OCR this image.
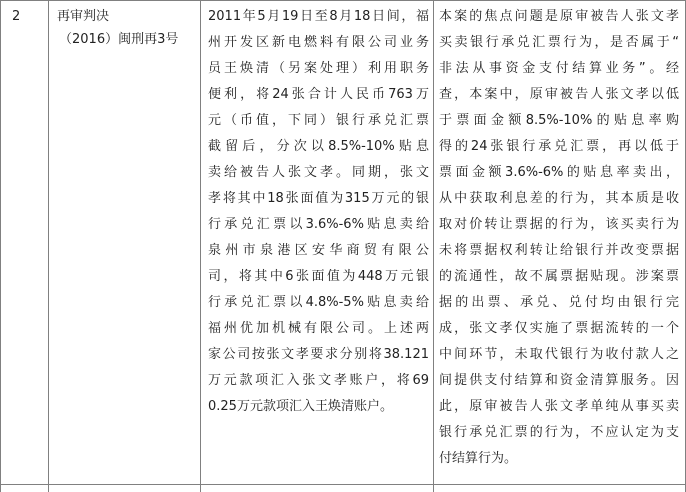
2	再审判决
（2016）闽刑再3号
2011年5月19日至8月18日间，福
州开发区新电燃料有限公司业务
员王焕清（另案处理）利用职务
便利，将24张合计人民币763万
元（币值，下同）银行承兑汇票
截留后，分次以8.5%-10%贴息
卖给被告人张文孝。同期，张文
孝将其中18张面值为315万元的银
行承兑汇票以3.6%-6%贴息卖给
泉州市泉港区安华商贸有限公
司，将其中6张面值为448万元银
行承兑汇票以4.8%-5%贴息卖给
福州优加机械有限公司。上述两
家公司按张文孝要求分别将38.121
万元款项汇入张文孝账户，将69
0.25万元款项汇入王焕清账户。
本案的焦点问题是原审被告人张文孝
买卖银行承兑汇票行为，是否属于“
非法从事资金支付结算业务”。经
查，本案中，原审被告人张文孝以低
于票面金额8.5%-10%的贴息率购
得的24张银行承兑汇票，再以低于
票面金额3.6%-6%的贴息率卖出，
从中获取利息差的行为，其本质是收
取对价转让票据的行为，该买卖行为
未将票据权利转让给银行并改变票据
的流通性，故不属票据贴现。涉案票
据的出票、承兑、兑付均由银行完
成，张文孝仅实施了票据流转的一个
中间环节，未取代银行为收付款人之
间提供支付结算和资金清算服务。因
此，原审被告人张文孝单纯从事买卖
银行承兑汇票的行为，不应认定为支
付结算行为。
